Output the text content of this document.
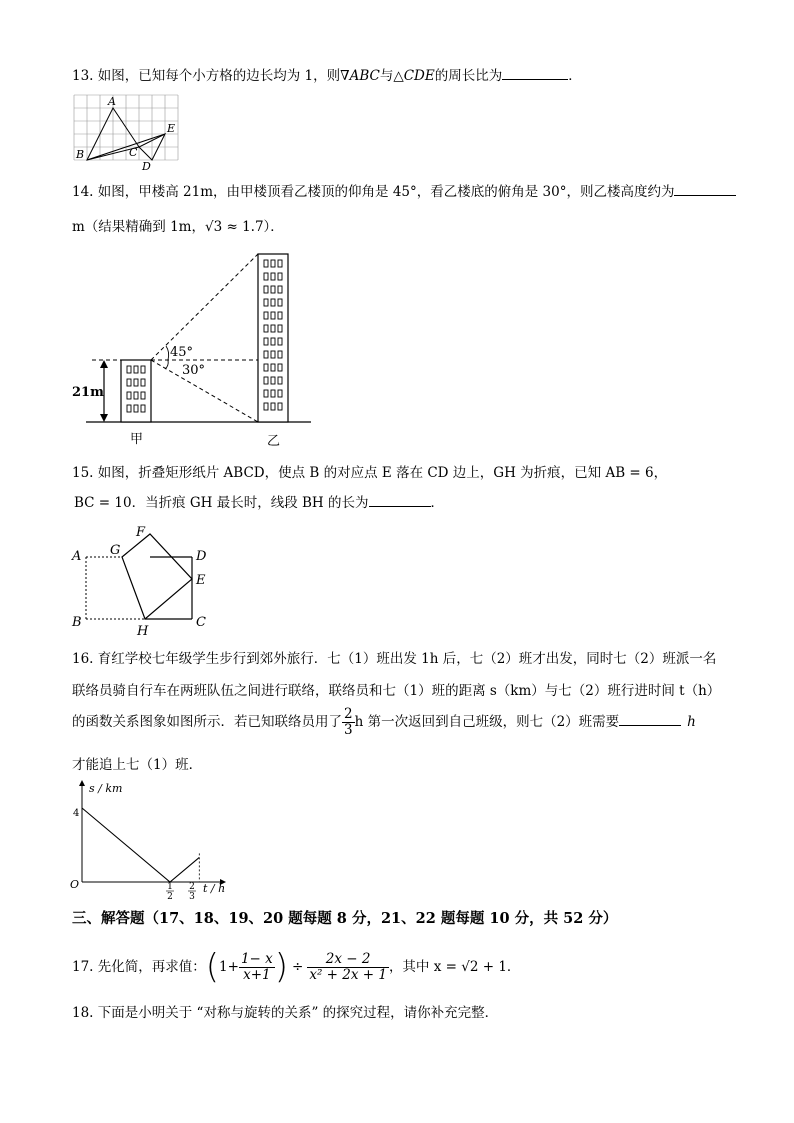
13. 如图，已知每个小方格的边长均为 1，则∇ABC与△CDE的周长比为	．
A
B	C
D
E
14. 如图，甲楼高 21m，由甲楼顶看乙楼顶的仰角是 45°，看乙楼底的俯角是 30°，则乙楼高度约为
m（结果精确到 1m，√3 ≈ 1.7）．
45°
30°
21m
甲	乙
15. 如图，折叠矩形纸片 ABCD，使点 B 的对应点 E 落在 CD 边上，GH 为折痕，已知 AB = 6，
BC = 10．当折痕 GH 最长时，线段 BH 的长为	．
A
B	C
D
E
F
G
H
16. 育红学校七年级学生步行到郊外旅行．七（1）班出发 1h 后，七（2）班才出发，同时七（2）班派一名
联络员骑自行车在两班队伍之间进行联络，联络员和七（1）班的距离 s（km）与七（2）班行进时间 t（h）
的函数关系图象如图所示．若已知联络员用了 $\frac{2}{3}$ h 第一次返回到自己班级，则七（2）班需要	h
才能追上七（1）班．
s / km
t / h
O
4
1
2
2
3
三、解答题（17、18、19、20 题每题 8 分，21、22 题每题 10 分，共 52 分）
17. 先化简，再求值： ( $1+ \frac{1- x}{x+1}$ ) ÷ $\frac{2x - 2}{\text{x² + 2x + 1}}$ ，其中 x = √2 + 1．
18. 下面是小明关于 “对称与旋转的关系” 的探究过程，请你补充完整．
